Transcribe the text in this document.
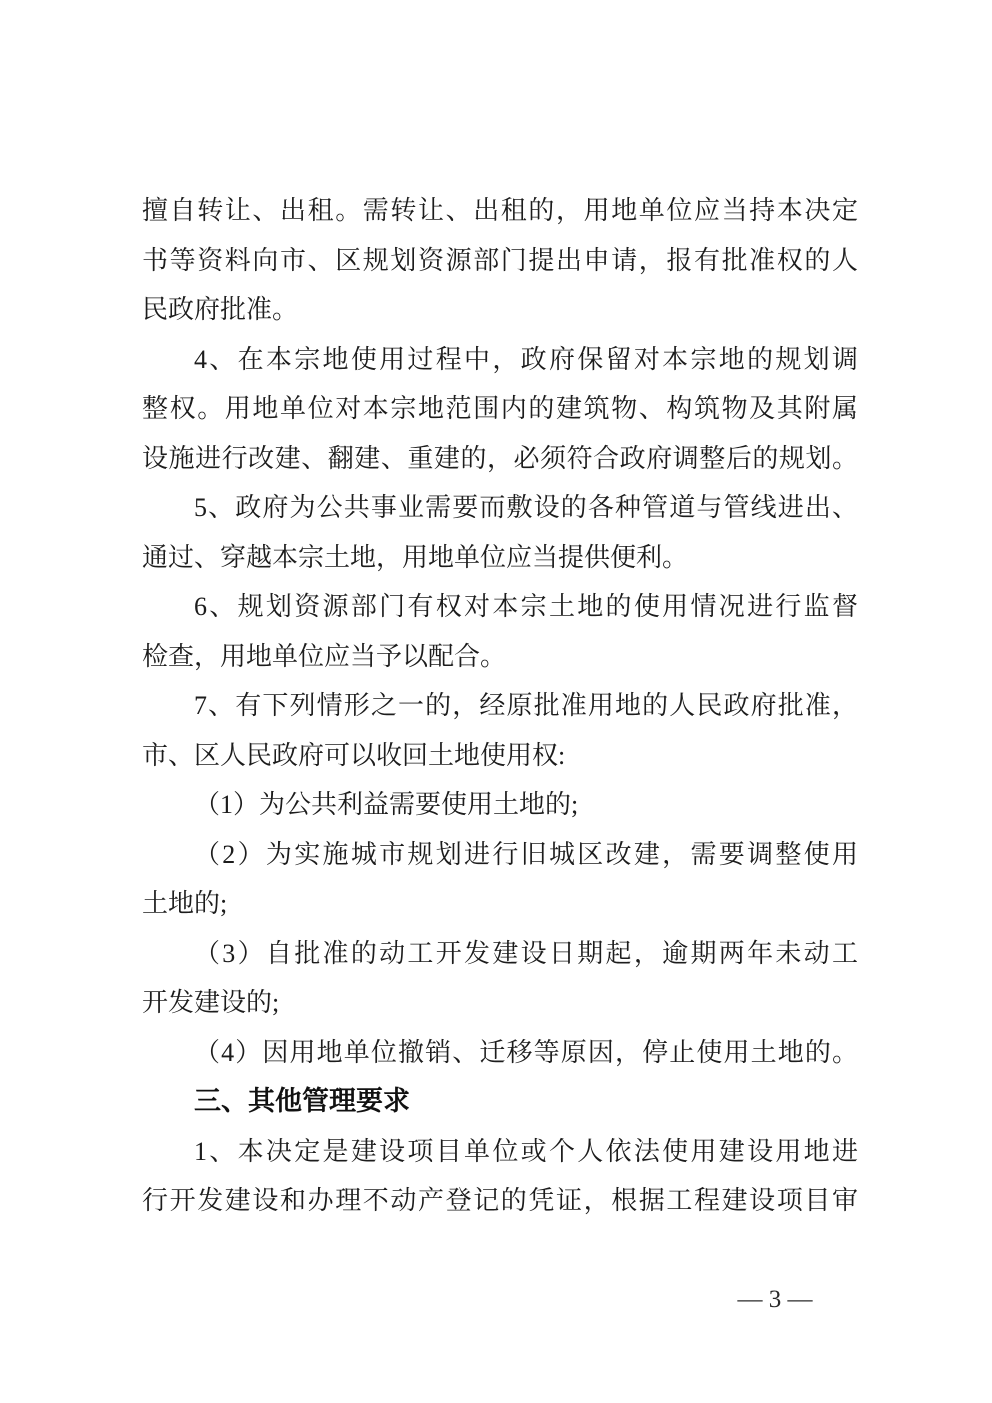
擅自转让、出租。需转让、出租的，用地单位应当持本决定

书等资料向市、区规划资源部门提出申请，报有批准权的人

民政府批准。

4、在本宗地使用过程中，政府保留对本宗地的规划调

整权。用地单位对本宗地范围内的建筑物、构筑物及其附属

设施进行改建、翻建、重建的，必须符合政府调整后的规划。

5、政府为公共事业需要而敷设的各种管道与管线进出、

通过、穿越本宗土地，用地单位应当提供便利。

6、规划资源部门有权对本宗土地的使用情况进行监督

检查，用地单位应当予以配合。

7、有下列情形之一的，经原批准用地的人民政府批准，

市、区人民政府可以收回土地使用权:

（1）为公共利益需要使用土地的;

（2）为实施城市规划进行旧城区改建，需要调整使用

土地的;

（3）自批准的动工开发建设日期起，逾期两年未动工

开发建设的;

（4）因用地单位撤销、迁移等原因，停止使用土地的。

三、其他管理要求

1、本决定是建设项目单位或个人依法使用建设用地进

行开发建设和办理不动产登记的凭证，根据工程建设项目审

— 3 —
